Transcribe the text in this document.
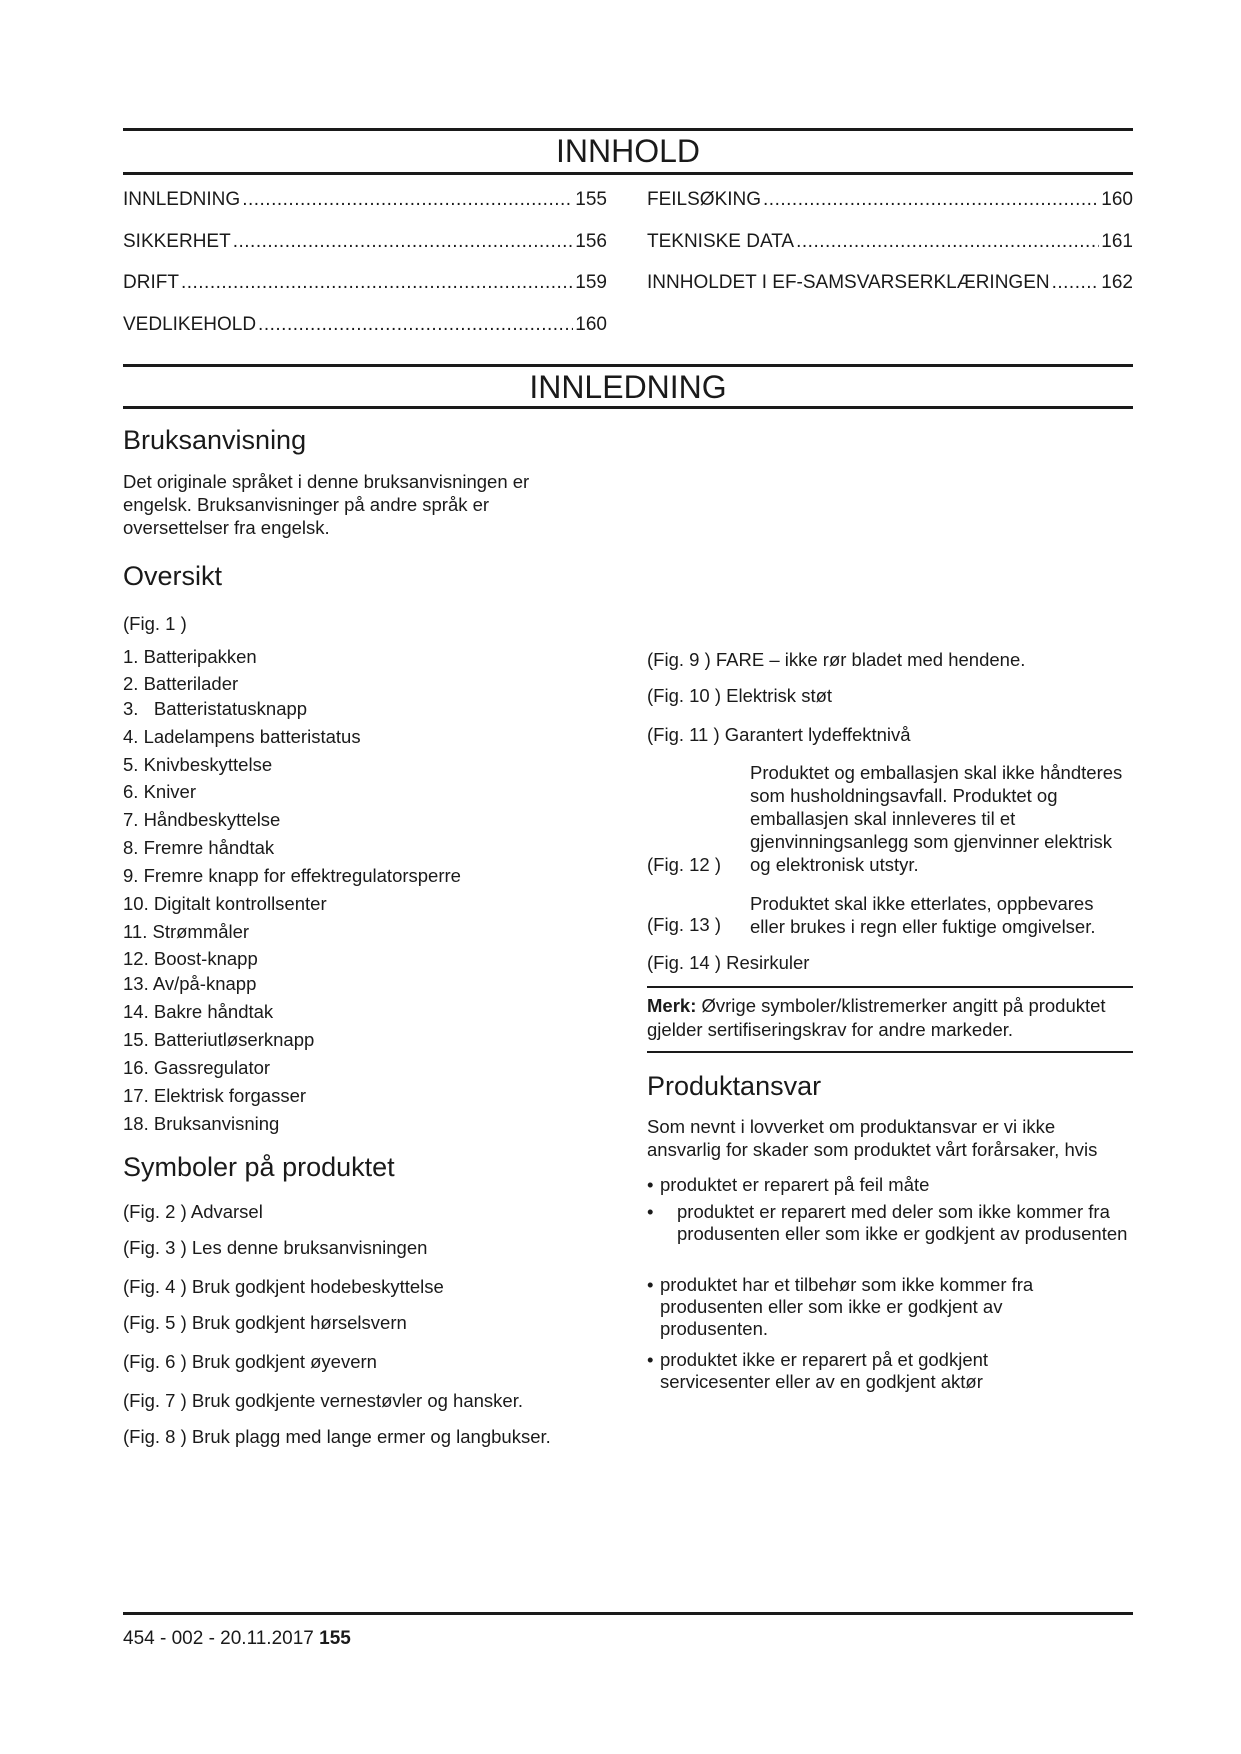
INNHOLD
INNLEDNING .....	155
SIKKERHET .....	156
DRIFT .....	159
VEDLIKEHOLD .....	160
FEILSØKING .....	160
TEKNISKE DATA .....	161
INNHOLDET I EF-SAMSVARSERKLÆRINGEN .....	162
INNLEDNING
Bruksanvisning

Det originale språket i denne bruksanvisningen er engelsk. Bruksanvisninger på andre språk er oversettelser fra engelsk.

Oversikt

(Fig. 1 )

1. Batteripakken

2. Batterilader

3.   Batteristatusknapp

4. Ladelampens batteristatus

5. Knivbeskyttelse

6. Kniver

7. Håndbeskyttelse

8. Fremre håndtak

9. Fremre knapp for effektregulatorsperre

10. Digitalt kontrollsenter

11. Strømmåler

12. Boost-knapp

13. Av/på-knapp

14. Bakre håndtak

15. Batteriutløserknapp

16. Gassregulator

17. Elektrisk forgasser

18. Bruksanvisning

Symboler på produktet

(Fig. 2 ) Advarsel

(Fig. 3 ) Les denne bruksanvisningen

(Fig. 4 ) Bruk godkjent hodebeskyttelse

(Fig. 5 ) Bruk godkjent hørselsvern

(Fig. 6 ) Bruk godkjent øyevern

(Fig. 7 ) Bruk godkjente vernestøvler og hansker.

(Fig. 8 ) Bruk plagg med lange ermer og langbukser.

(Fig. 9 ) FARE – ikke rør bladet med hendene.

(Fig. 10 ) Elektrisk støt

(Fig. 11 ) Garantert lydeffektnivå

(Fig. 12 )

Produktet og emballasjen skal ikke håndteres som husholdningsavfall. Produktet og emballasjen skal innleveres til et gjenvinningsanlegg som gjenvinner elektrisk og elektronisk utstyr.

(Fig. 13 )

Produktet skal ikke etterlates, oppbevares eller brukes i regn eller fuktige omgivelser.

(Fig. 14 ) Resirkuler

Merk: Øvrige symboler/klistremerker angitt på produktet gjelder sertifiseringskrav for andre markeder.

Produktansvar

Som nevnt i lovverket om produktansvar er vi ikke ansvarlig for skader som produktet vårt forårsaker, hvis

• produktet er reparert på feil måte

• produktet er reparert med deler som ikke kommer fra produsenten eller som ikke er godkjent av produsenten

• produktet har et tilbehør som ikke kommer fra produsenten eller som ikke er godkjent av produsenten.

• produktet ikke er reparert på et godkjent servicesenter eller av en godkjent aktør

454 - 002 - 20.11.2017 155
